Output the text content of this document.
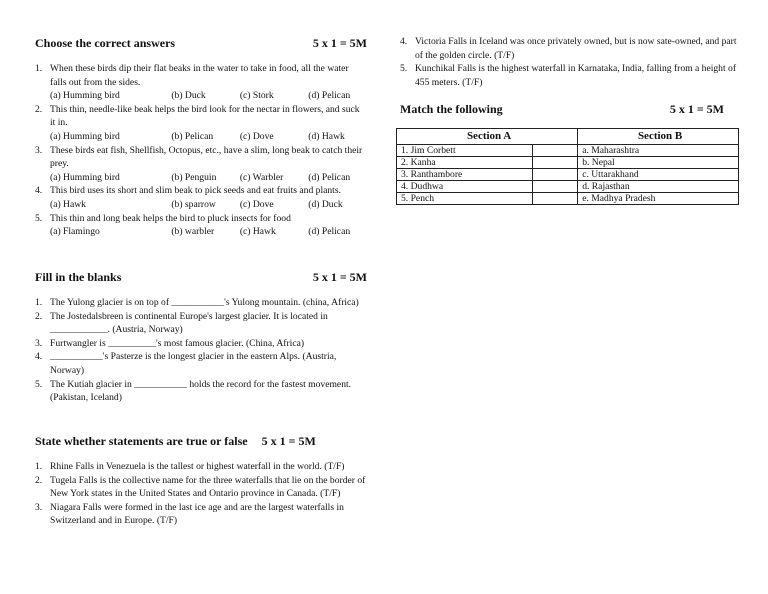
Choose the correct answers	5 x 1 = 5M
1. When these birds dip their flat beaks in the water to take in food, all the water falls out from the sides.
(a) Humming bird	(b) Duck	(c) Stork	(d) Pelican
2. This thin, needle-like beak helps the bird look for the nectar in flowers, and suck it in.
(a) Humming bird	(b) Pelican	(c) Dove	(d) Hawk
3. These birds eat fish, Shellfish, Octopus, etc., have a slim, long beak to catch their prey.
(a) Humming bird	(b) Penguin	(c) Warbler	(d) Pelican
4. This bird uses its short and slim beak to pick seeds and eat fruits and plants.
(a) Hawk	(b) sparrow	(c) Dove	(d) Duck
5. This thin and long beak helps the bird to pluck insects for food
(a) Flamingo	(b) warbler	(c) Hawk	(d) Pelican
Fill in the blanks	5 x 1 = 5M
1. The Yulong glacier is on top of ___________'s Yulong mountain. (china, Africa)
2. The Jostedalsbreen is continental Europe's largest glacier. It is located in ____________. (Austria, Norway)
3. Furtwangler is __________'s most famous glacier. (China, Africa)
4. ___________'s Pasterze is the longest glacier in the eastern Alps. (Austria, Norway)
5. The Kutiah glacier in ___________ holds the record for the fastest movement. (Pakistan, Iceland)
State whether statements are true or false 5 x 1 = 5M
1. Rhine Falls in Venezuela is the tallest or highest waterfall in the world. (T/F)
2. Tugela Falls is the collective name for the three waterfalls that lie on the border of New York states in the United States and Ontario province in Canada. (T/F)
3. Niagara Falls were formed in the last ice age and are the largest waterfalls in Switzerland and in Europe. (T/F)
4. Victoria Falls in Iceland was once privately owned, but is now sate-owned, and part of the golden circle. (T/F)
5. Kunchikal Falls is the highest waterfall in Karnataka, India, falling from a height of 455 meters. (T/F)
Match the following	5 x 1 = 5M
Section A		Section B
1. Jim Corbett		a. Maharashtra
2. Kanha		b. Nepal
3. Ranthambore		c. Uttarakhand
4. Dudhwa		d. Rajasthan
5. Pench		e. Madhya Pradesh
